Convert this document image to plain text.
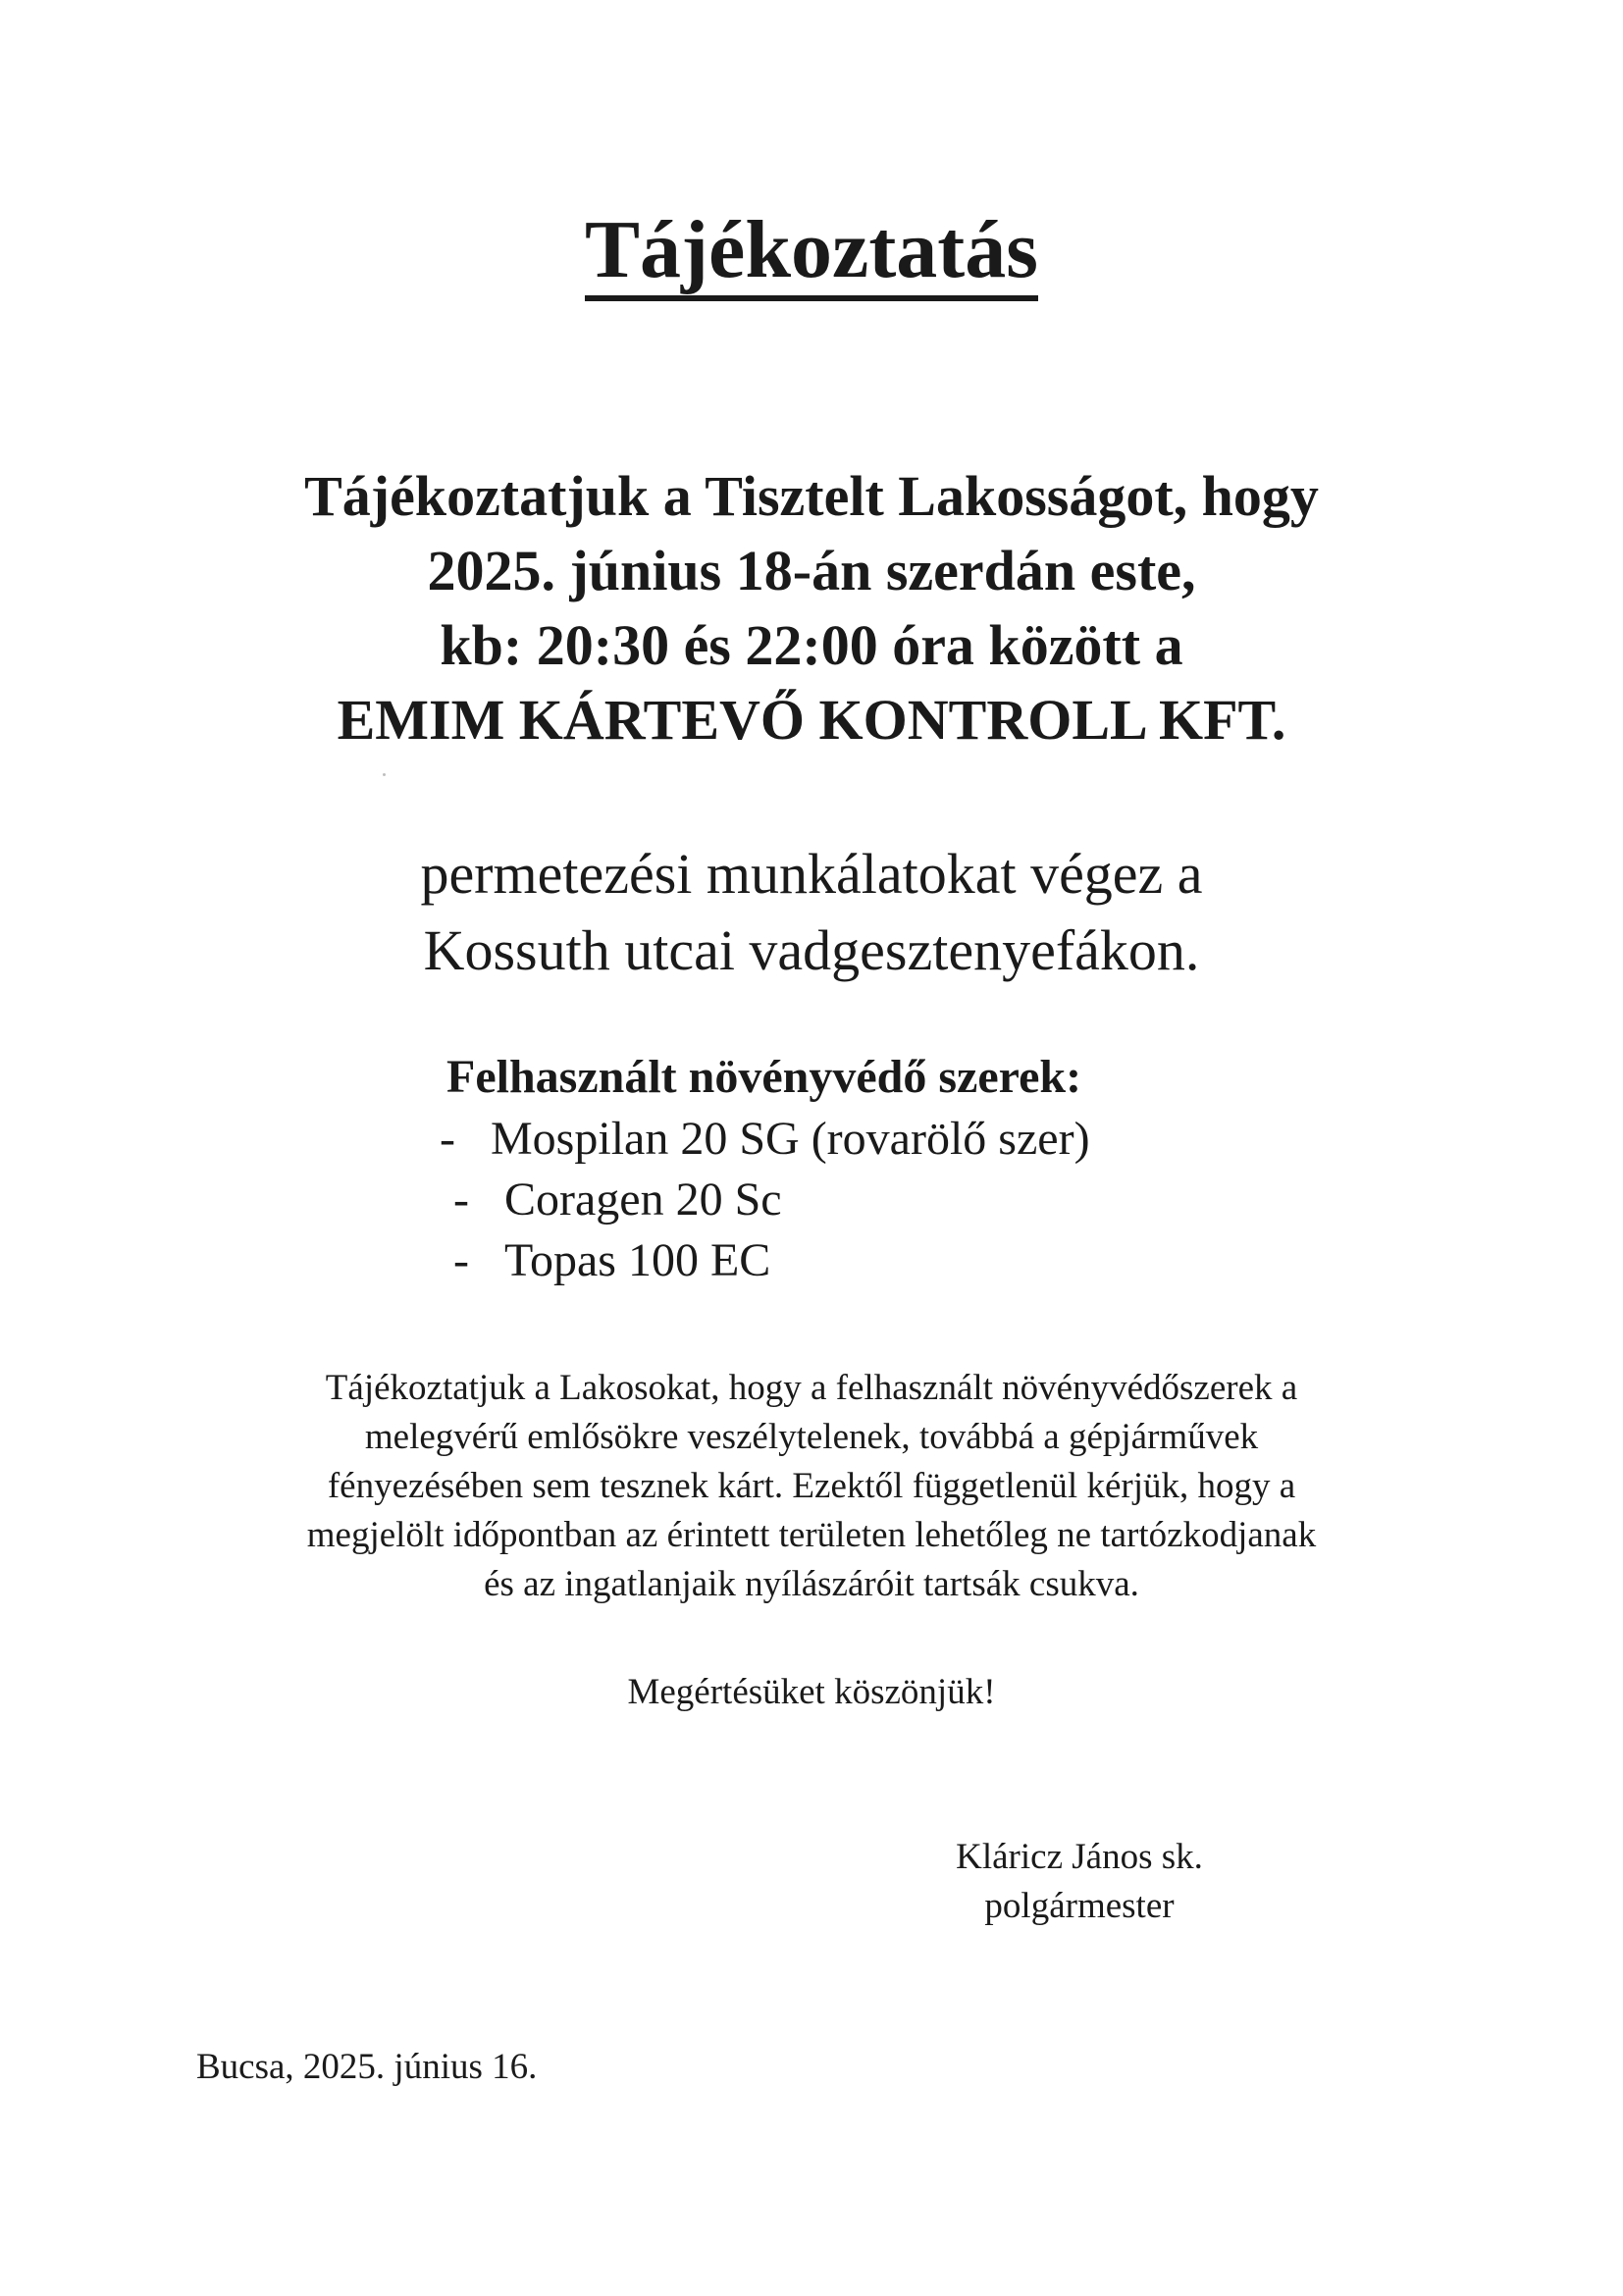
Tájékoztatás
Tájékoztatjuk a Tisztelt Lakosságot, hogy
2025. június 18-án szerdán este,
kb: 20:30 és 22:00 óra között a
EMIM KÁRTEVŐ KONTROLL KFT.
permetezési munkálatokat végez a
Kossuth utcai vadgesztenyefákon.
Felhasznált növényvédő szerek:
- Mospilan 20 SG (rovarölő szer)
- Coragen 20 Sc
- Topas 100 EC
Tájékoztatjuk a Lakosokat, hogy a felhasznált növényvédőszerek a
melegvérű emlősökre veszélytelenek, továbbá a gépjárművek
fényezésében sem tesznek kárt. Ezektől függetlenül kérjük, hogy a
megjelölt időpontban az érintett területen lehetőleg ne tartózkodjanak
és az ingatlanjaik nyílászáróit tartsák csukva.
Megértésüket köszönjük!
Kláricz János sk.
polgármester
Bucsa, 2025. június 16.
